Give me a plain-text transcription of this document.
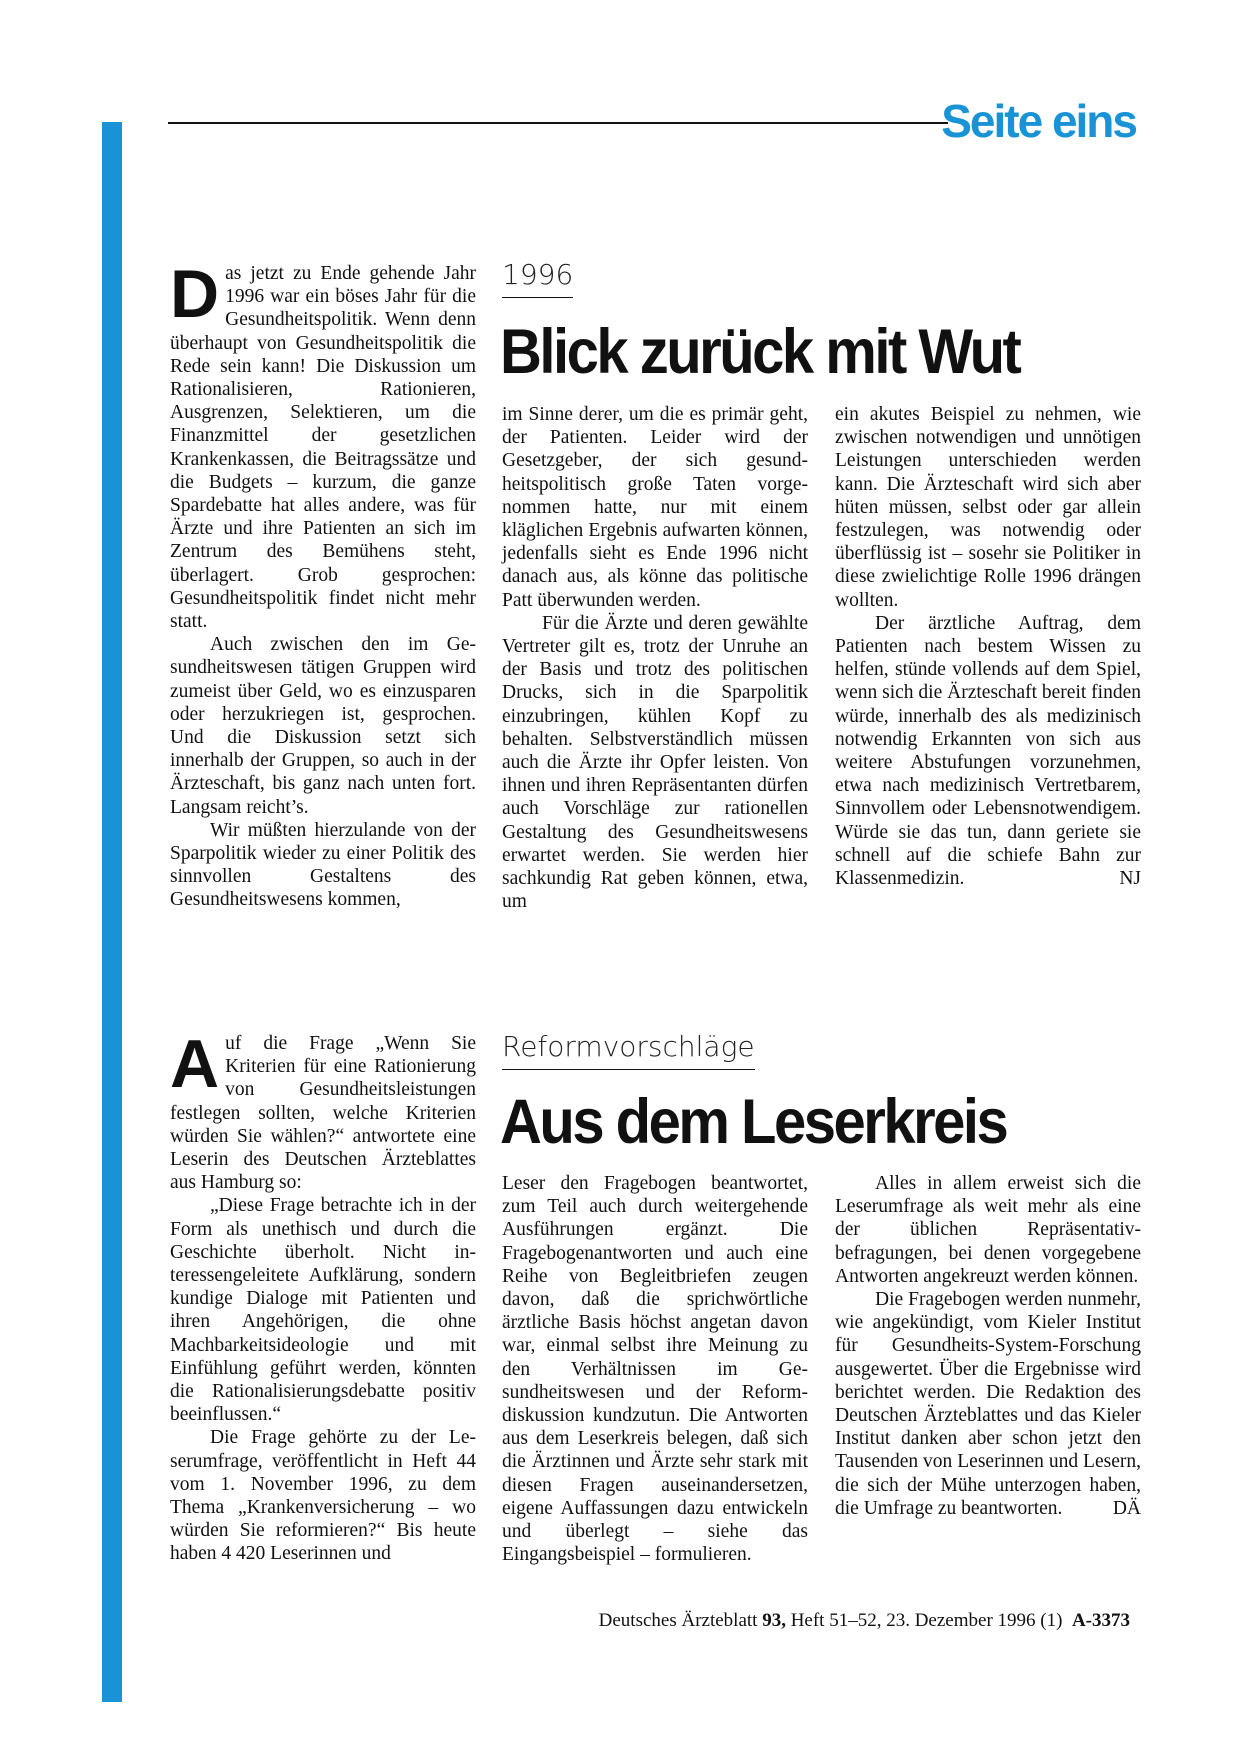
Seite eins

Das jetzt zu Ende gehende Jahr 1996 war ein böses Jahr für die Gesundheitspolitik. Wenn denn überhaupt von Gesundheitspolitik die Rede sein kann! Die Diskussion um Rationalisieren, Rationieren, Ausgrenzen, Selektieren, um die Finanzmittel der gesetzlichen Krankenkassen, die Beitragssätze und die Budgets – kurzum, die ganze Spardebatte hat alles andere, was für Ärzte und ihre Patienten an sich im Zentrum des Bemühens steht, überlagert. Grob gesprochen: Gesundheitspolitik findet nicht mehr statt.

Auch zwischen den im Gesundheitswesen tätigen Gruppen wird zumeist über Geld, wo es einzusparen oder herzukriegen ist, gesprochen. Und die Diskussion setzt sich innerhalb der Gruppen, so auch in der Ärzteschaft, bis ganz nach unten fort. Langsam reicht’s.

Wir müßten hierzulande von der Sparpolitik wieder zu einer Politik des sinnvollen Gestaltens des Gesundheitswesens kommen,

1996
Blick zurück mit Wut

im Sinne derer, um die es primär geht, der Patienten. Leider wird der Gesetzgeber, der sich gesundheitspolitisch große Taten vorgenommen hatte, nur mit einem kläglichen Ergebnis aufwarten können, jedenfalls sieht es Ende 1996 nicht danach aus, als könne das politische Patt überwunden werden.

Für die Ärzte und deren gewählte Vertreter gilt es, trotz der Unruhe an der Basis und trotz des politischen Drucks, sich in die Sparpolitik einzubringen, kühlen Kopf zu behalten. Selbstverständlich müssen auch die Ärzte ihr Opfer leisten. Von ihnen und ihren Repräsentanten dürfen auch Vorschläge zur rationellen Gestaltung des Gesundheitswesens erwartet werden. Sie werden hier sachkundig Rat geben können, etwa, um

ein akutes Beispiel zu nehmen, wie zwischen notwendigen und unnötigen Leistungen unterschieden werden kann. Die Ärzteschaft wird sich aber hüten müssen, selbst oder gar allein festzulegen, was notwendig oder überflüssig ist – sosehr sie Politiker in diese zwielichtige Rolle 1996 drängen wollten.

Der ärztliche Auftrag, dem Patienten nach bestem Wissen zu helfen, stünde vollends auf dem Spiel, wenn sich die Ärzteschaft bereit finden würde, innerhalb des als medizinisch notwendig Erkannten von sich aus weitere Abstufungen vorzunehmen, etwa nach medizinisch Vertretbarem, Sinnvollem oder Lebensnotwendigem. Würde sie das tun, dann geriete sie schnell auf die schiefe Bahn zur Klassenmedizin.	NJ

Auf die Frage „Wenn Sie Kriterien für eine Rationierung von Gesundheitsleistungen festlegen sollten, welche Kriterien würden Sie wählen?“ antwortete eine Leserin des Deutschen Ärzteblattes aus Hamburg so:

„Diese Frage betrachte ich in der Form als unethisch und durch die Geschichte überholt. Nicht interessengeleitete Aufklärung, sondern kundige Dialoge mit Patienten und ihren Angehörigen, die ohne Machbarkeitsideologie und mit Einfühlung geführt werden, könnten die Rationalisierungsdebatte positiv beeinflussen.“

Die Frage gehörte zu der Leserumfrage, veröffentlicht in Heft 44 vom 1. November 1996, zu dem Thema „Krankenversicherung – wo würden Sie reformieren?“ Bis heute haben 4 420 Leserinnen und

Reformvorschläge
Aus dem Leserkreis

Leser den Fragebogen beantwortet, zum Teil auch durch weitergehende Ausführungen ergänzt. Die Fragebogenantworten und auch eine Reihe von Begleitbriefen zeugen davon, daß die sprichwörtliche ärztliche Basis höchst angetan davon war, einmal selbst ihre Meinung zu den Verhältnissen im Gesundheitswesen und der Reformdiskussion kundzutun. Die Antworten aus dem Leserkreis belegen, daß sich die Ärztinnen und Ärzte sehr stark mit diesen Fragen auseinandersetzen, eigene Auffassungen dazu entwickeln und überlegt – siehe das Eingangsbeispiel – formulieren.

Alles in allem erweist sich die Leserumfrage als weit mehr als eine der üblichen Repräsentativbefragungen, bei denen vorgegebene Antworten angekreuzt werden können.

Die Fragebogen werden nunmehr, wie angekündigt, vom Kieler Institut für Gesundheits-System-Forschung ausgewertet. Über die Ergebnisse wird berichtet werden. Die Redaktion des Deutschen Ärzteblattes und das Kieler Institut danken aber schon jetzt den Tausenden von Leserinnen und Lesern, die sich der Mühe unterzogen haben, die Umfrage zu beantworten.	DÄ

Deutsches Ärzteblatt 93, Heft 51–52, 23. Dezember 1996 (1) A-3373
